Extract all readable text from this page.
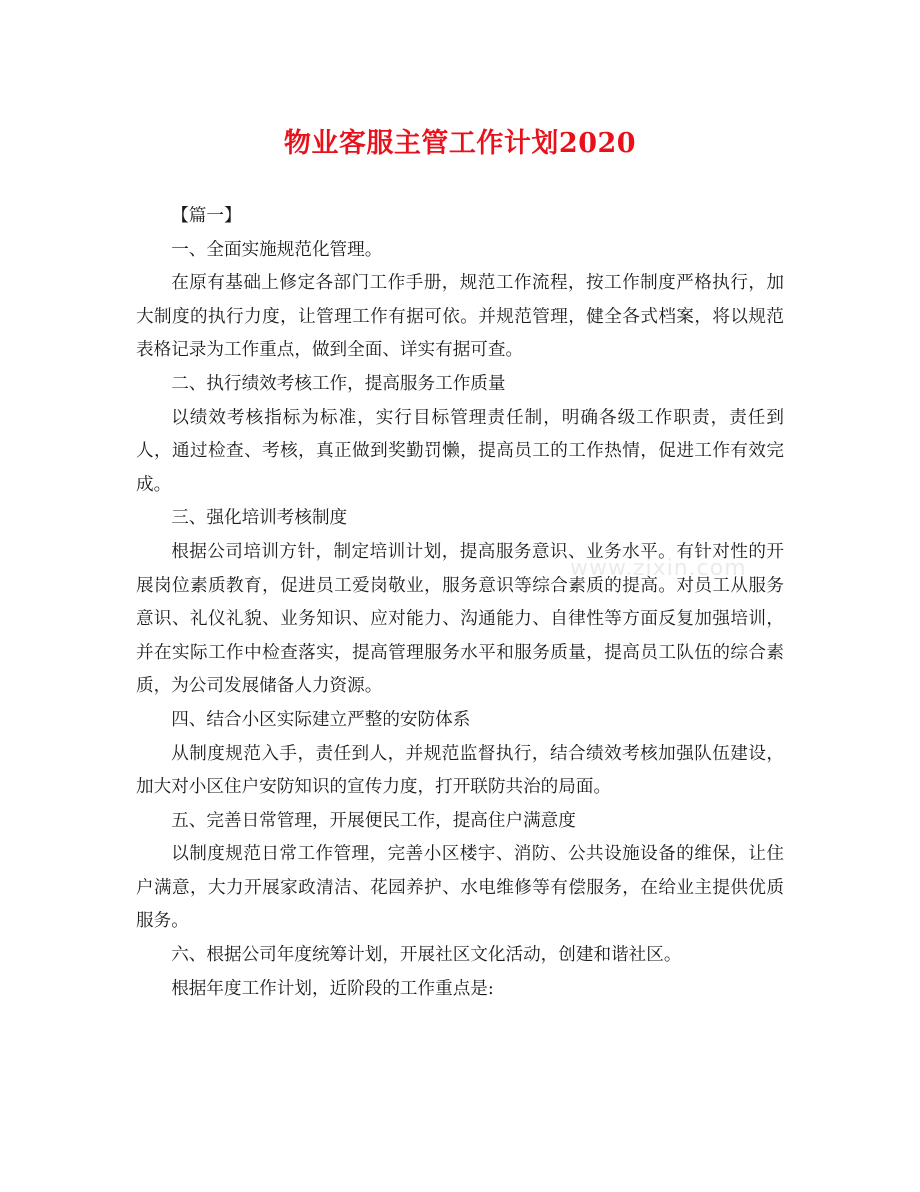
物业客服主管工作计划2020
www.zixin.com

【篇一】

一、全面实施规范化管理。

在原有基础上修定各部门工作手册，规范工作流程，按工作制度严格执行，加大制度的执行力度，让管理工作有据可依。并规范管理，健全各式档案，将以规范表格记录为工作重点，做到全面、详实有据可查。

二、执行绩效考核工作，提高服务工作质量

以绩效考核指标为标准，实行目标管理责任制，明确各级工作职责，责任到人，通过检查、考核，真正做到奖勤罚懒，提高员工的工作热情，促进工作有效完成。

三、强化培训考核制度

根据公司培训方针，制定培训计划，提高服务意识、业务水平。有针对性的开展岗位素质教育，促进员工爱岗敬业，服务意识等综合素质的提高。对员工从服务意识、礼仪礼貌、业务知识、应对能力、沟通能力、自律性等方面反复加强培训，并在实际工作中检查落实，提高管理服务水平和服务质量，提高员工队伍的综合素质，为公司发展储备人力资源。

四、结合小区实际建立严整的安防体系

从制度规范入手，责任到人，并规范监督执行，结合绩效考核加强队伍建设，加大对小区住户安防知识的宣传力度，打开联防共治的局面。

五、完善日常管理，开展便民工作，提高住户满意度

以制度规范日常工作管理，完善小区楼宇、消防、公共设施设备的维保，让住户满意，大力开展家政清洁、花园养护、水电维修等有偿服务，在给业主提供优质服务。

六、根据公司年度统筹计划，开展社区文化活动，创建和谐社区。

根据年度工作计划，近阶段的工作重点是:
